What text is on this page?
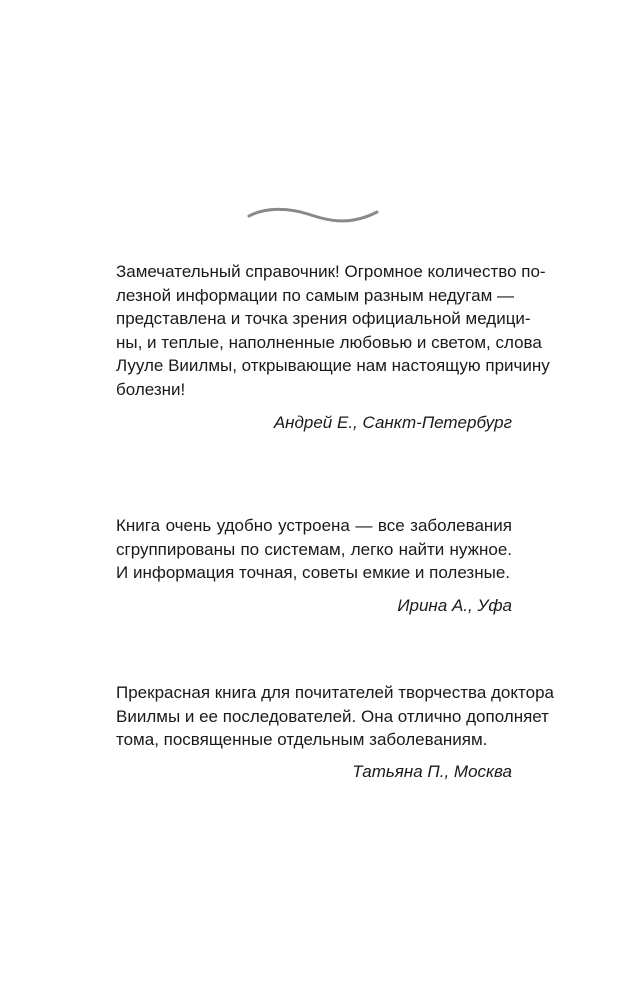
Замечательный справочник! Огромное количество по-
лезной информации по самым разным недугам —
представлена и точка зрения официальной медици-
ны, и теплые, наполненные любовью и светом, слова
Лууле Виилмы, открывающие нам настоящую причину
болезни!

Андрей Е., Санкт-Петербург

Книга очень удобно устроена — все заболевания
сгруппированы по системам, легко найти нужное.
И информация точная, советы емкие и полезные.

Ирина А., Уфа

Прекрасная книга для почитателей творчества доктора
Виилмы и ее последователей. Она отлично дополняет
тома, посвященные отдельным заболеваниям.

Татьяна П., Москва
